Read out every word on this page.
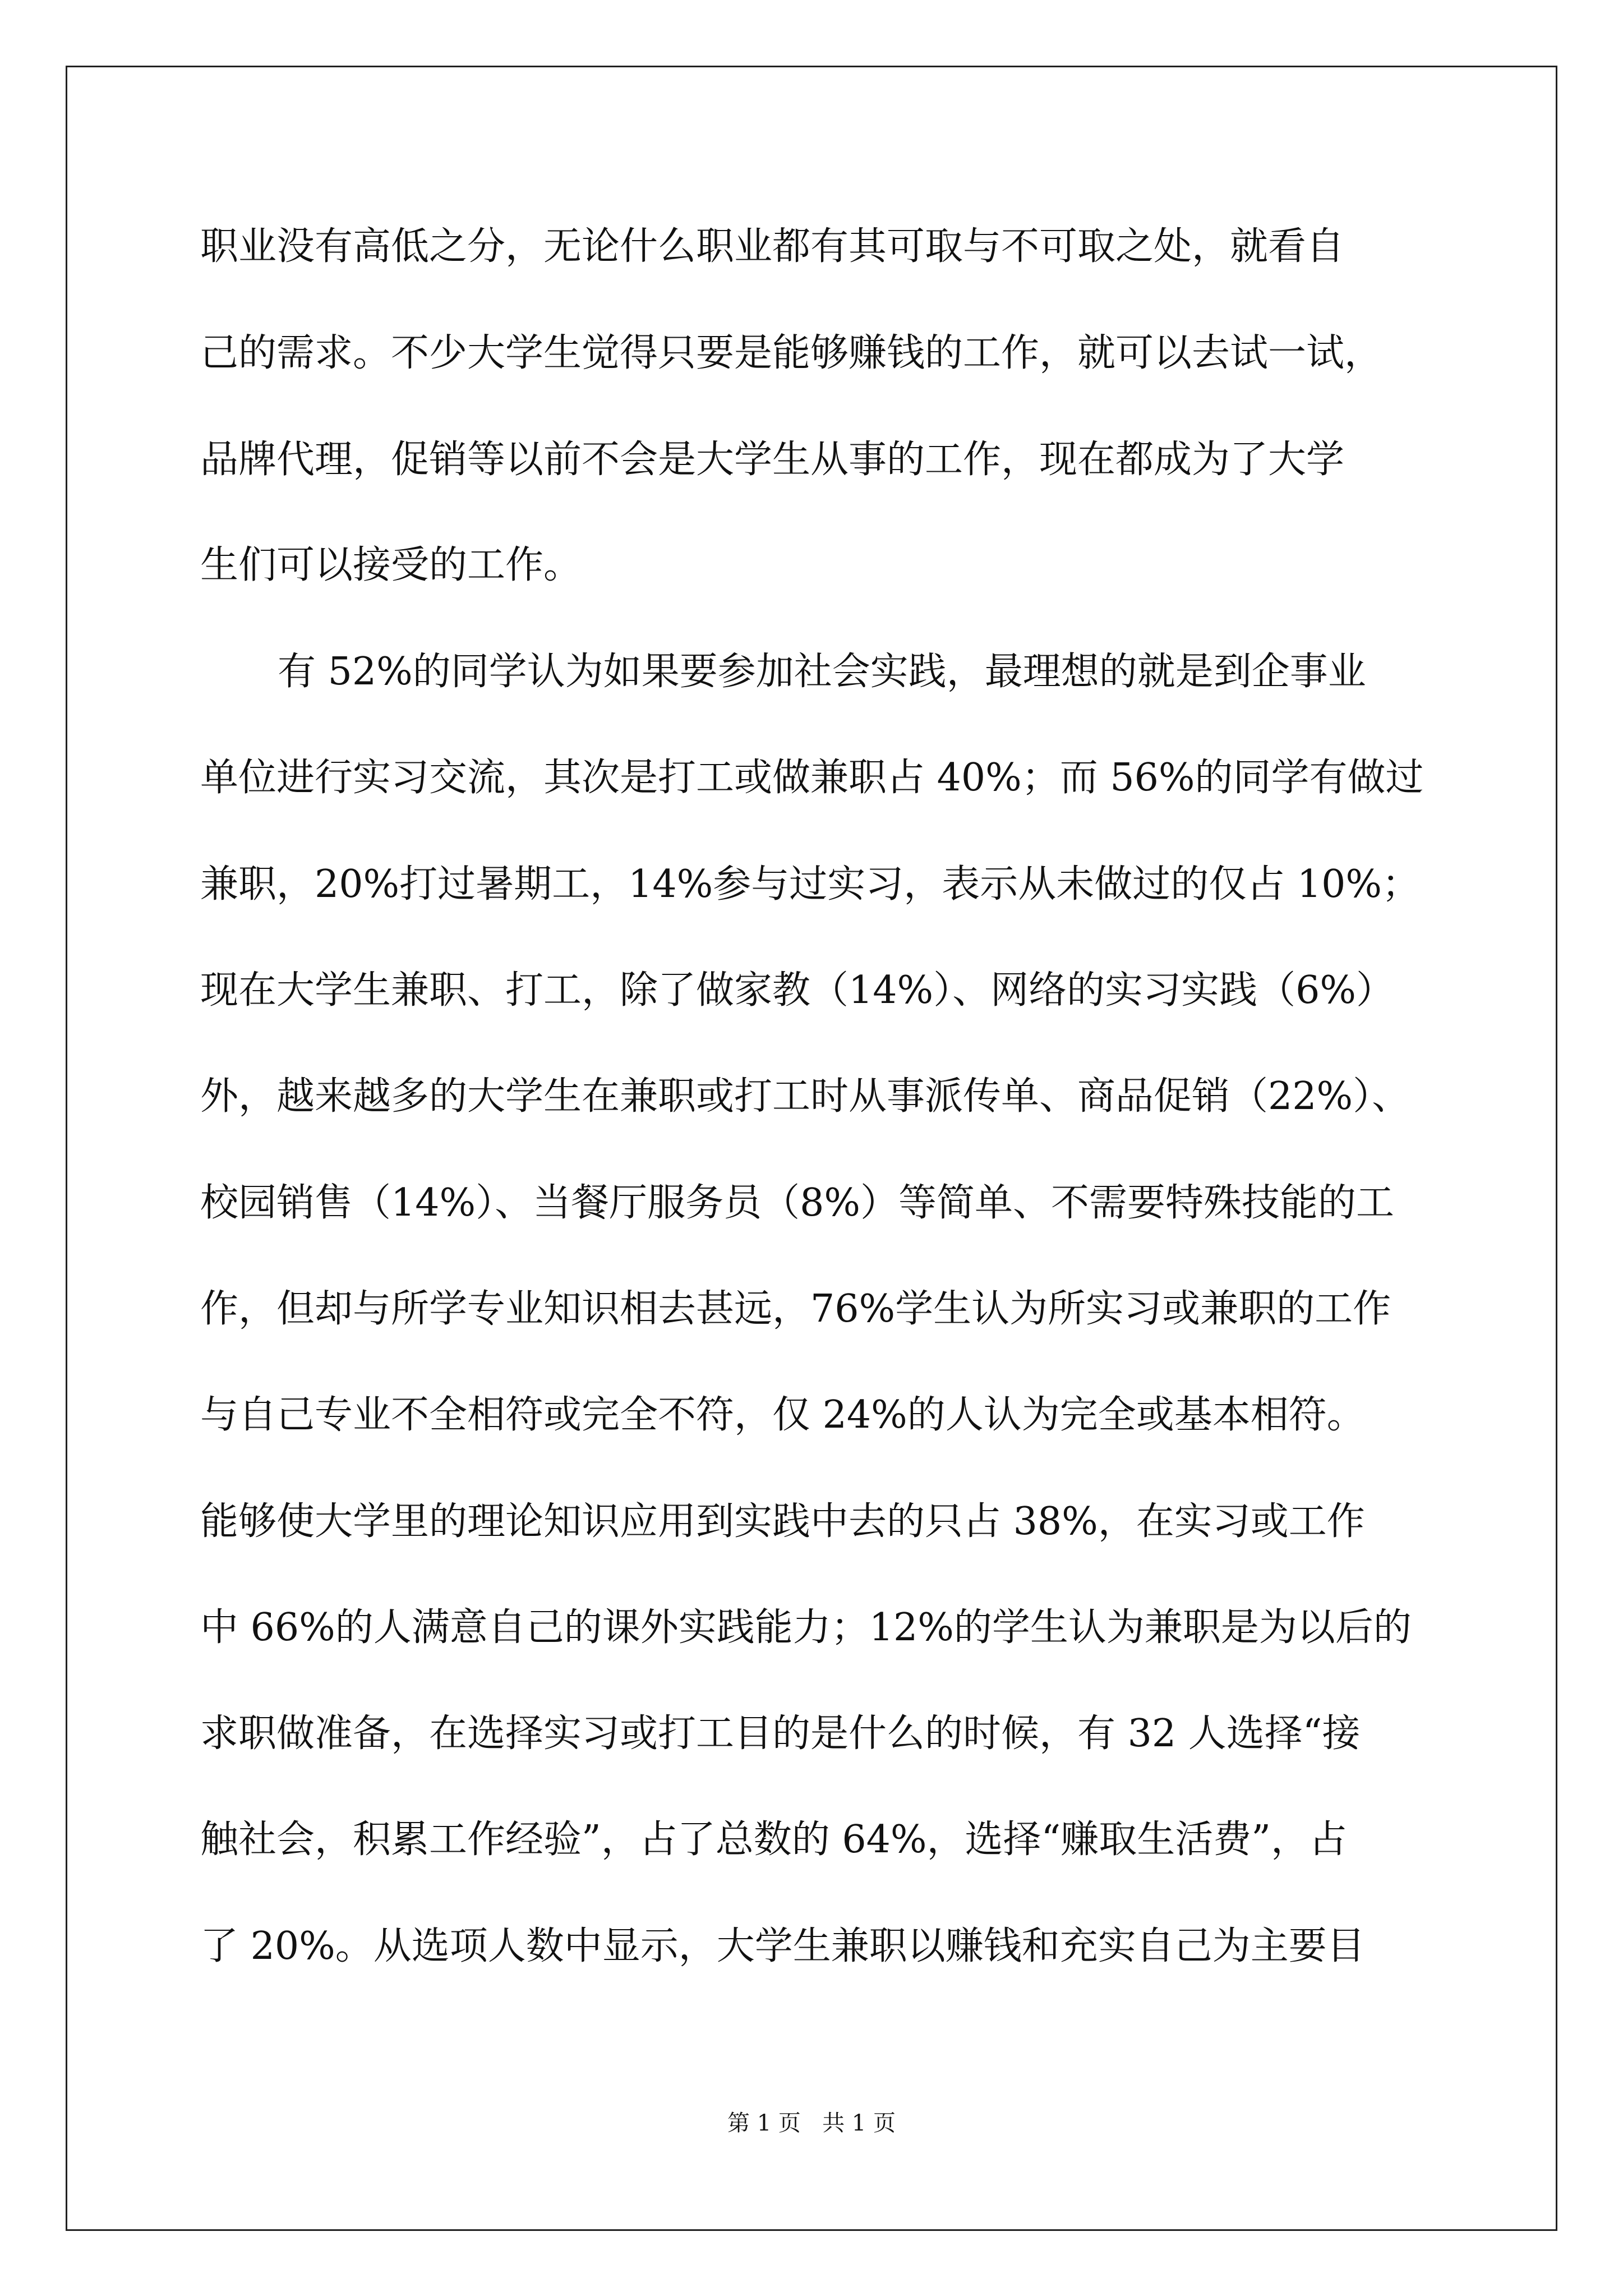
职业没有高低之分，无论什么职业都有其可取与不可取之处，就看自

己的需求。不少大学生觉得只要是能够赚钱的工作，就可以去试一试，

品牌代理，促销等以前不会是大学生从事的工作，现在都成为了大学

生们可以接受的工作。

有 52%的同学认为如果要参加社会实践，最理想的就是到企事业

单位进行实习交流，其次是打工或做兼职占 40%；而 56%的同学有做过

兼职，20%打过暑期工，14%参与过实习，表示从未做过的仅占 10%；

现在大学生兼职、打工，除了做家教（14%）、网络的实习实践（6%）

外，越来越多的大学生在兼职或打工时从事派传单、商品促销（22%）、

校园销售（14%）、当餐厅服务员（8%）等简单、不需要特殊技能的工

作，但却与所学专业知识相去甚远，76%学生认为所实习或兼职的工作

与自己专业不全相符或完全不符，仅 24%的人认为完全或基本相符。

能够使大学里的理论知识应用到实践中去的只占 38%，在实习或工作

中 66%的人满意自己的课外实践能力；12%的学生认为兼职是为以后的

求职做准备，在选择实习或打工目的是什么的时候，有 32 人选择“接

触社会，积累工作经验”，占了总数的 64%，选择“赚取生活费”，占

了 20%。从选项人数中显示，大学生兼职以赚钱和充实自己为主要目

第 1 页   共 1 页
